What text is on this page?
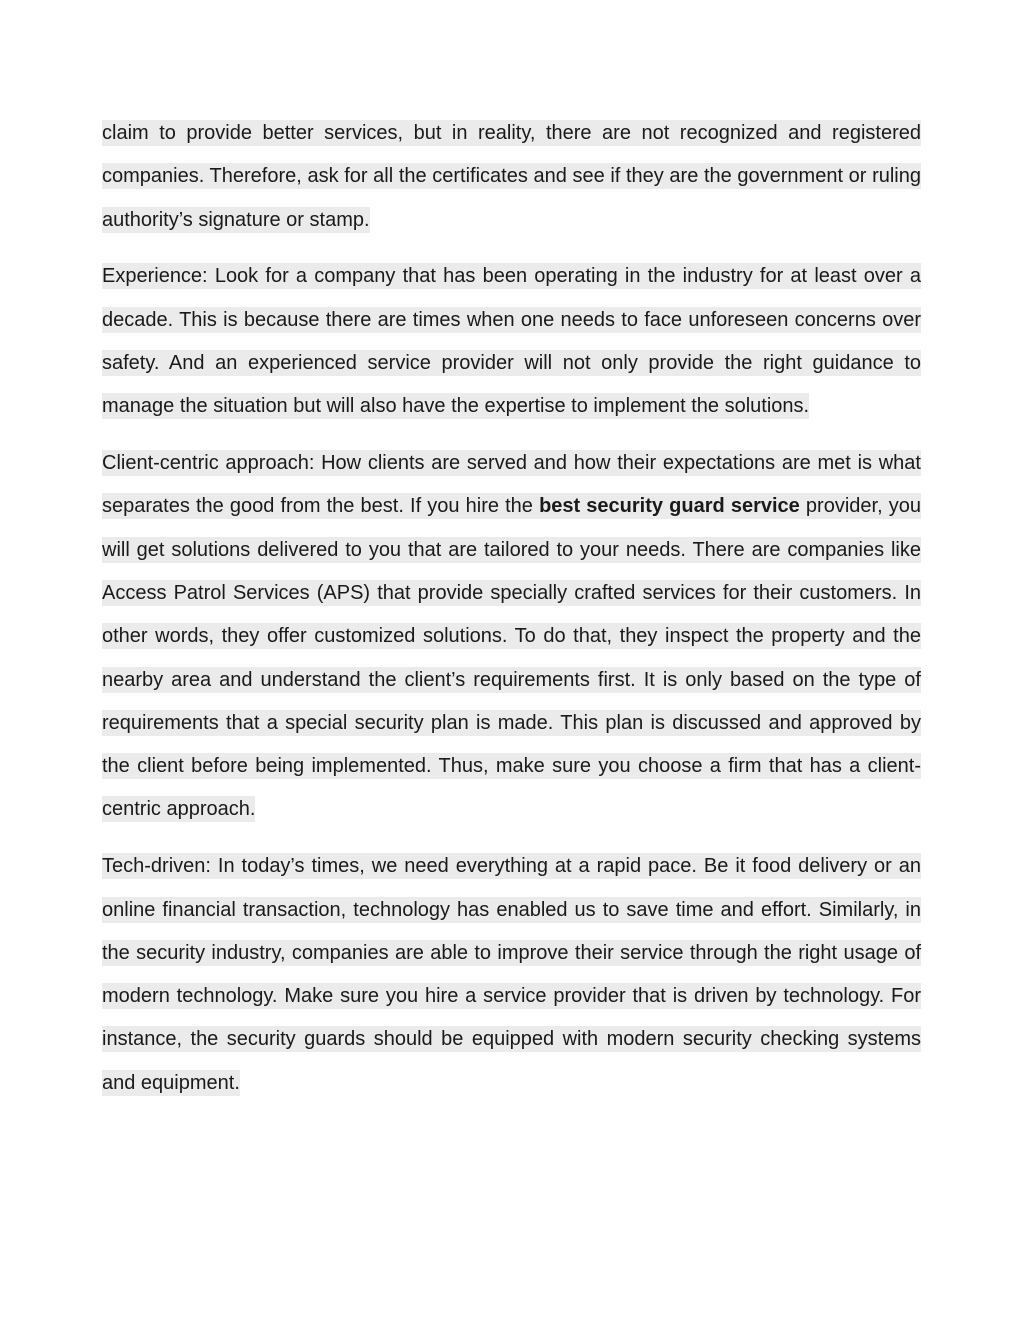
claim to provide better services, but in reality, there are not recognized and registered companies. Therefore, ask for all the certificates and see if they are the government or ruling authority’s signature or stamp.

Experience: Look for a company that has been operating in the industry for at least over a decade. This is because there are times when one needs to face unforeseen concerns over safety. And an experienced service provider will not only provide the right guidance to manage the situation but will also have the expertise to implement the solutions.

Client-centric approach: How clients are served and how their expectations are met is what separates the good from the best. If you hire the best security guard service provider, you will get solutions delivered to you that are tailored to your needs. There are companies like Access Patrol Services (APS) that provide specially crafted services for their customers. In other words, they offer customized solutions. To do that, they inspect the property and the nearby area and understand the client’s requirements first. It is only based on the type of requirements that a special security plan is made. This plan is discussed and approved by the client before being implemented. Thus, make sure you choose a firm that has a client-centric approach.

Tech-driven: In today’s times, we need everything at a rapid pace. Be it food delivery or an online financial transaction, technology has enabled us to save time and effort. Similarly, in the security industry, companies are able to improve their service through the right usage of modern technology. Make sure you hire a service provider that is driven by technology. For instance, the security guards should be equipped with modern security checking systems and equipment.
